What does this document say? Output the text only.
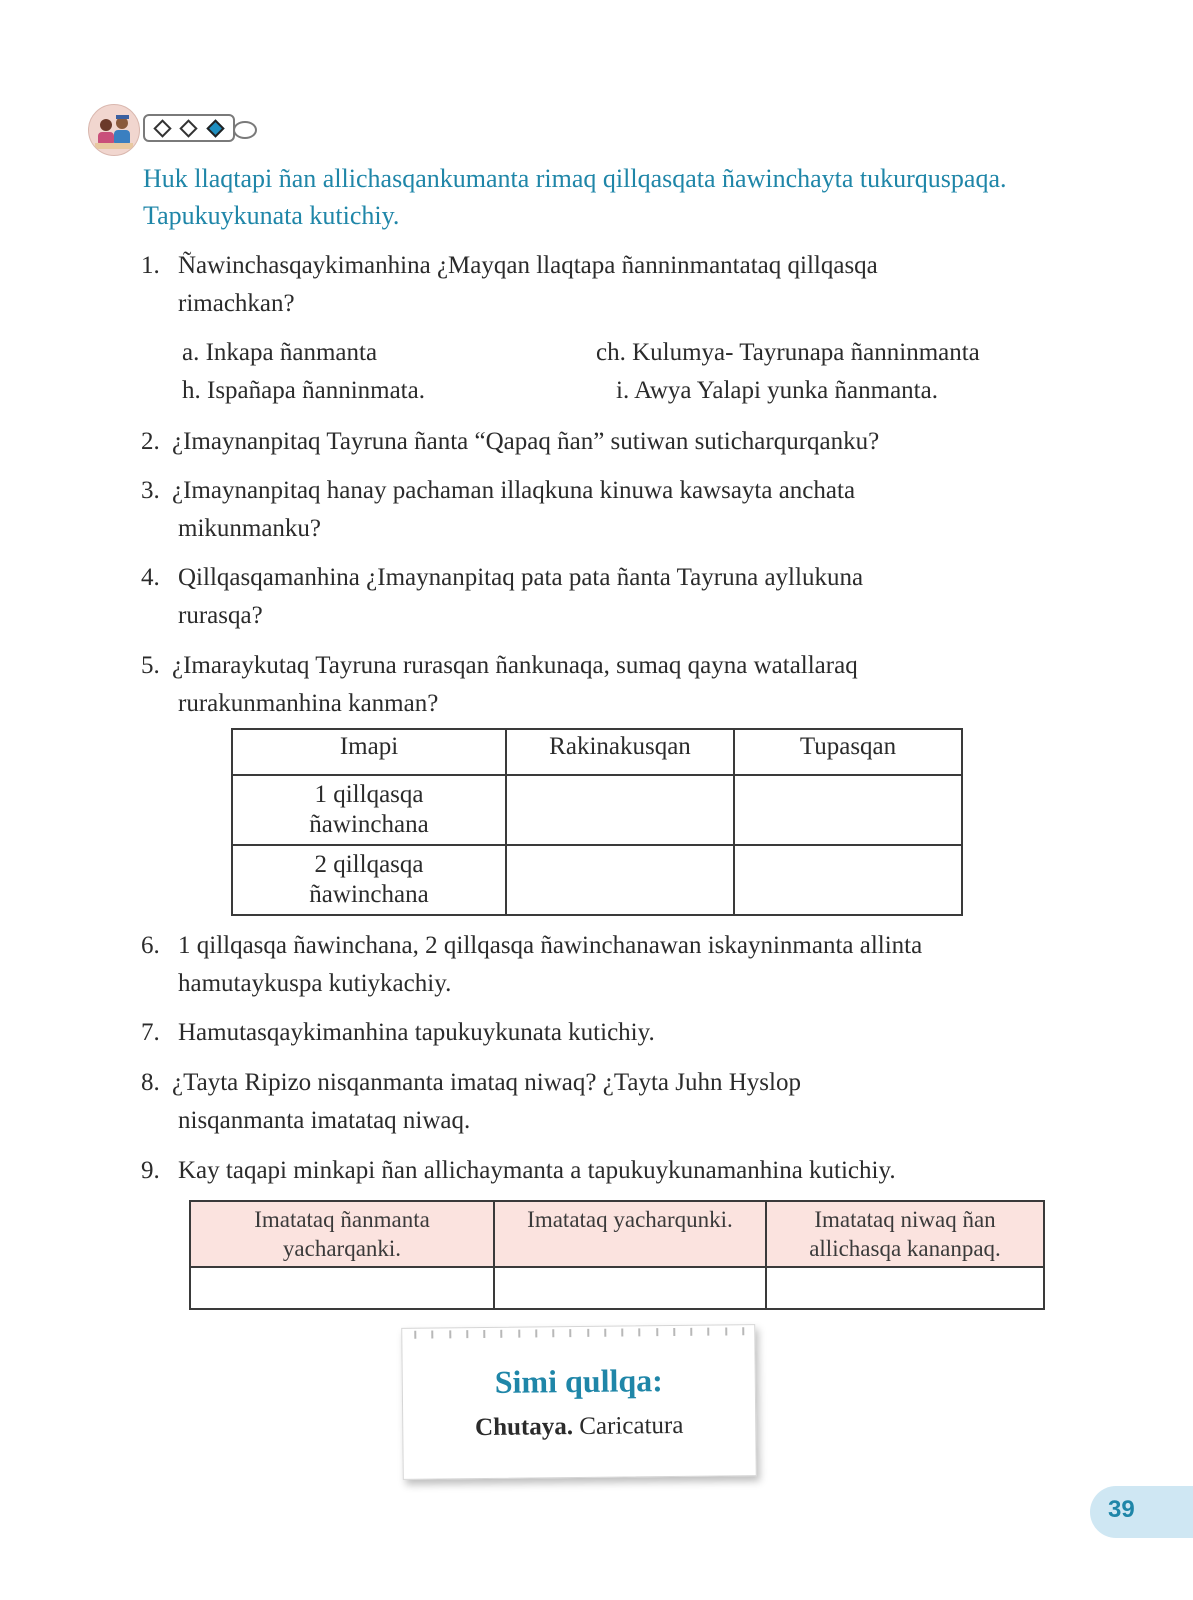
Huk llaqtapi ñan allichasqankumanta rimaq qillqasqata ñawinchayta tukurquspaqa. Tapukuykunata kutichiy.

1. Ñawinchasqaykimanhina ¿Mayqan llaqtapa ñanninmantataq qillqasqa
rimachkan?
a. Inkapa ñanmanta	ch. Kulumya- Tayrunapa ñanninmanta
h. Ispañapa ñanninmata.	i. Awya Yalapi yunka ñanmanta.
2. ¿Imaynanpitaq Tayruna ñanta “Qapaq ñan” sutiwan suticharqurqanku?
3. ¿Imaynanpitaq hanay pachaman illaqkuna kinuwa kawsayta anchata
mikunmanku?
4. Qillqasqamanhina ¿Imaynanpitaq pata pata ñanta Tayruna ayllukuna
rurasqa?
5. ¿Imaraykutaq Tayruna rurasqan ñankunaqa, sumaq qayna watallaraq
rurakunmanhina kanman?
Imapi	Rakinakusqan	Tupasqan
1 qillqasqa ñawinchana		
2 qillqasqa ñawinchana		
6. 1 qillqasqa ñawinchana, 2 qillqasqa ñawinchanawan iskayninmanta allinta
hamutaykuspa kutiykachiy.
7. Hamutasqaykimanhina tapukuykunata kutichiy.
8. ¿Tayta Ripizo nisqanmanta imataq niwaq? ¿Tayta Juhn Hyslop
nisqanmanta imatataq niwaq.
9. Kay taqapi minkapi ñan allichaymanta a tapukuykunamanhina kutichiy.
Imatataq ñanmanta yacharqanki.	Imatataq yacharqunki.	Imatataq niwaq ñan allichasqa kananpaq.

Simi qullqa:
Chutaya. Caricatura
39
